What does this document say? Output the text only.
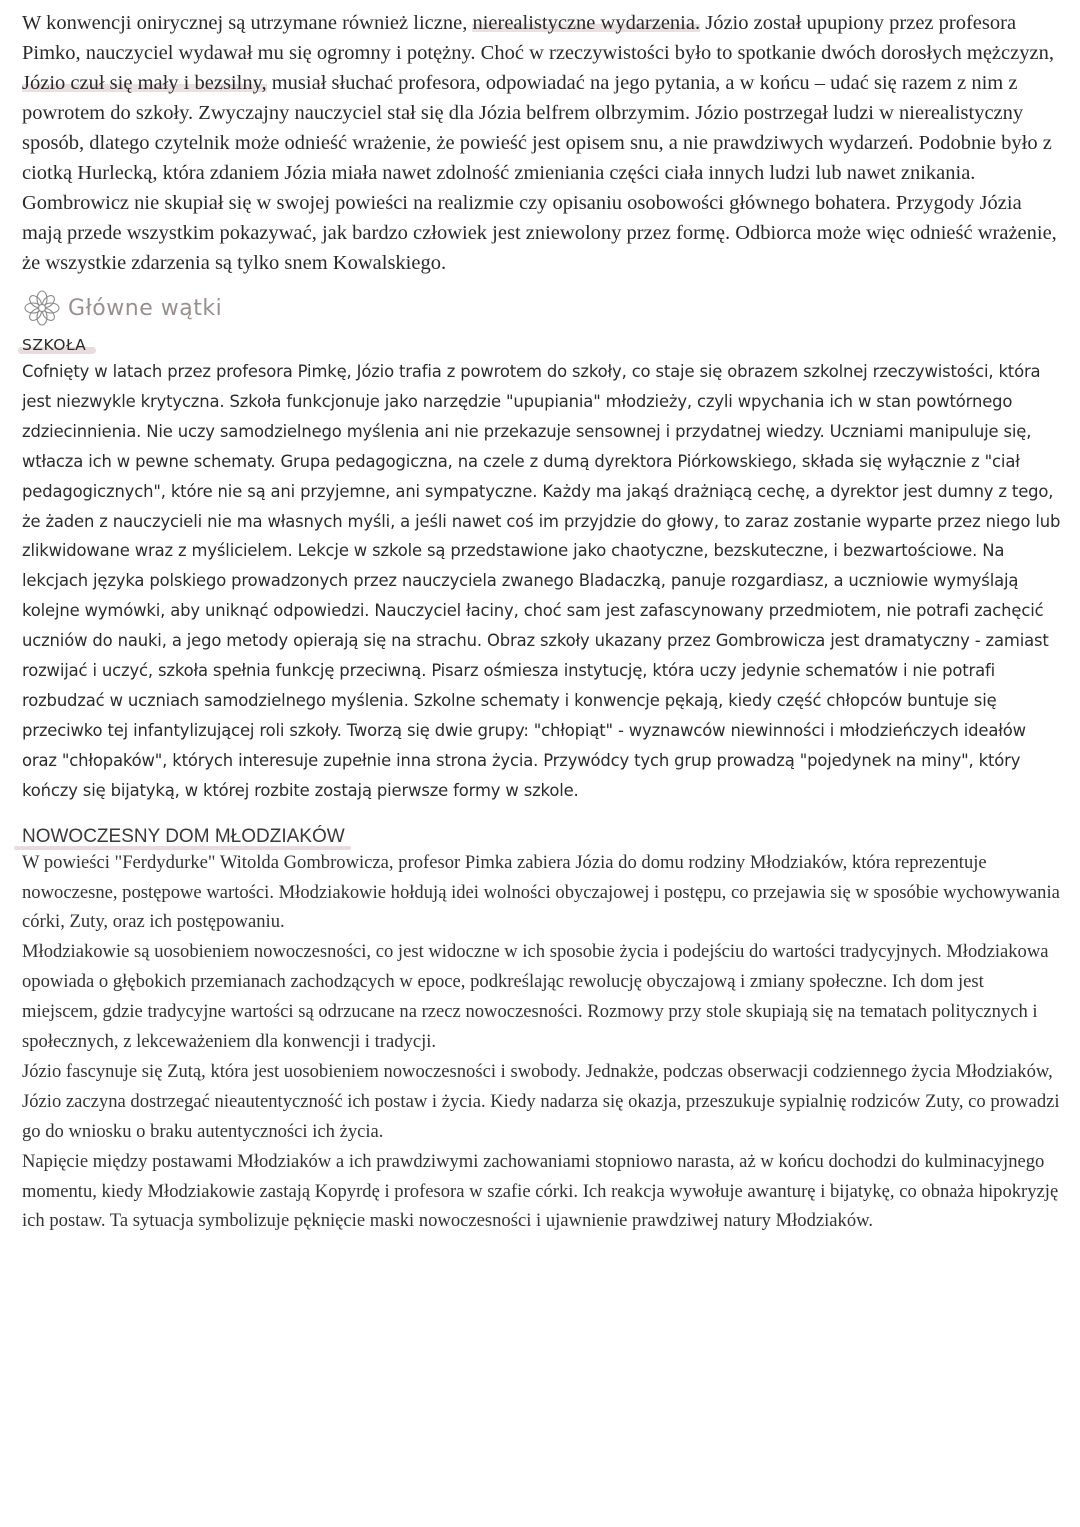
W konwencji onirycznej są utrzymane również liczne, nierealistyczne wydarzenia. Józio został upupiony przez profesora Pimko, nauczyciel wydawał mu się ogromny i potężny. Choć w rzeczywistości było to spotkanie dwóch dorosłych mężczyzn, Józio czuł się mały i bezsilny, musiał słuchać profesora, odpowiadać na jego pytania, a w końcu – udać się razem z nim z powrotem do szkoły. Zwyczajny nauczyciel stał się dla Józia belfrem olbrzymim. Józio postrzegał ludzi w nierealistyczny sposób, dlatego czytelnik może odnieść wrażenie, że powieść jest opisem snu, a nie prawdziwych wydarzeń. Podobnie było z ciotką Hurlecką, która zdaniem Józia miała nawet zdolność zmieniania części ciała innych ludzi lub nawet znikania. Gombrowicz nie skupiał się w swojej powieści na realizmie czy opisaniu osobowości głównego bohatera. Przygody Józia mają przede wszystkim pokazywać, jak bardzo człowiek jest zniewolony przez formę. Odbiorca może więc odnieść wrażenie, że wszystkie zdarzenia są tylko snem Kowalskiego.

Główne wątki
SZKOŁA

Cofnięty w latach przez profesora Pimkę, Józio trafia z powrotem do szkoły, co staje się obrazem szkolnej rzeczywistości, która jest niezwykle krytyczna. Szkoła funkcjonuje jako narzędzie "upupiania" młodzieży, czyli wpychania ich w stan powtórnego zdziecinnienia. Nie uczy samodzielnego myślenia ani nie przekazuje sensownej i przydatnej wiedzy. Uczniami manipuluje się, wtłacza ich w pewne schematy. Grupa pedagogiczna, na czele z dumą dyrektora Piórkowskiego, składa się wyłącznie z "ciał pedagogicznych", które nie są ani przyjemne, ani sympatyczne. Każdy ma jakąś drażniącą cechę, a dyrektor jest dumny z tego, że żaden z nauczycieli nie ma własnych myśli, a jeśli nawet coś im przyjdzie do głowy, to zaraz zostanie wyparte przez niego lub zlikwidowane wraz z myślicielem. Lekcje w szkole są przedstawione jako chaotyczne, bezskuteczne, i bezwartościowe. Na lekcjach języka polskiego prowadzonych przez nauczyciela zwanego Bladaczką, panuje rozgardiasz, a uczniowie wymyślają kolejne wymówki, aby uniknąć odpowiedzi. Nauczyciel łaciny, choć sam jest zafascynowany przedmiotem, nie potrafi zachęcić uczniów do nauki, a jego metody opierają się na strachu. Obraz szkoły ukazany przez Gombrowicza jest dramatyczny - zamiast rozwijać i uczyć, szkoła spełnia funkcję przeciwną. Pisarz ośmiesza instytucję, która uczy jedynie schematów i nie potrafi rozbudzać w uczniach samodzielnego myślenia. Szkolne schematy i konwencje pękają, kiedy część chłopców buntuje się przeciwko tej infantylizującej roli szkoły. Tworzą się dwie grupy: "chłopiąt" - wyznawców niewinności i młodzieńczych ideałów oraz "chłopaków", których interesuje zupełnie inna strona życia. Przywódcy tych grup prowadzą "pojedynek na miny", który kończy się bijatyką, w której rozbite zostają pierwsze formy w szkole.

NOWOCZESNY DOM MŁODZIAKÓW

W powieści "Ferdydurke" Witolda Gombrowicza, profesor Pimka zabiera Józia do domu rodziny Młodziaków, która reprezentuje nowoczesne, postępowe wartości. Młodziakowie hołdują idei wolności obyczajowej i postępu, co przejawia się w sposóbie wychowywania córki, Zuty, oraz ich postępowaniu.

Młodziakowie są uosobieniem nowoczesności, co jest widoczne w ich sposobie życia i podejściu do wartości tradycyjnych. Młodziakowa opowiada o głębokich przemianach zachodzących w epoce, podkreślając rewolucję obyczajową i zmiany społeczne. Ich dom jest miejscem, gdzie tradycyjne wartości są odrzucane na rzecz nowoczesności. Rozmowy przy stole skupiają się na tematach politycznych i społecznych, z lekceważeniem dla konwencji i tradycji.

Józio fascynuje się Zutą, która jest uosobieniem nowoczesności i swobody. Jednakże, podczas obserwacji codziennego życia Młodziaków, Józio zaczyna dostrzegać nieautentyczność ich postaw i życia. Kiedy nadarza się okazja, przeszukuje sypialnię rodziców Zuty, co prowadzi go do wniosku o braku autentyczności ich życia.

Napięcie między postawami Młodziaków a ich prawdziwymi zachowaniami stopniowo narasta, aż w końcu dochodzi do kulminacyjnego momentu, kiedy Młodziakowie zastają Kopyrdę i profesora w szafie córki. Ich reakcja wywołuje awanturę i bijatykę, co obnaża hipokryzję ich postaw. Ta sytuacja symbolizuje pęknięcie maski nowoczesności i ujawnienie prawdziwej natury Młodziaków.
